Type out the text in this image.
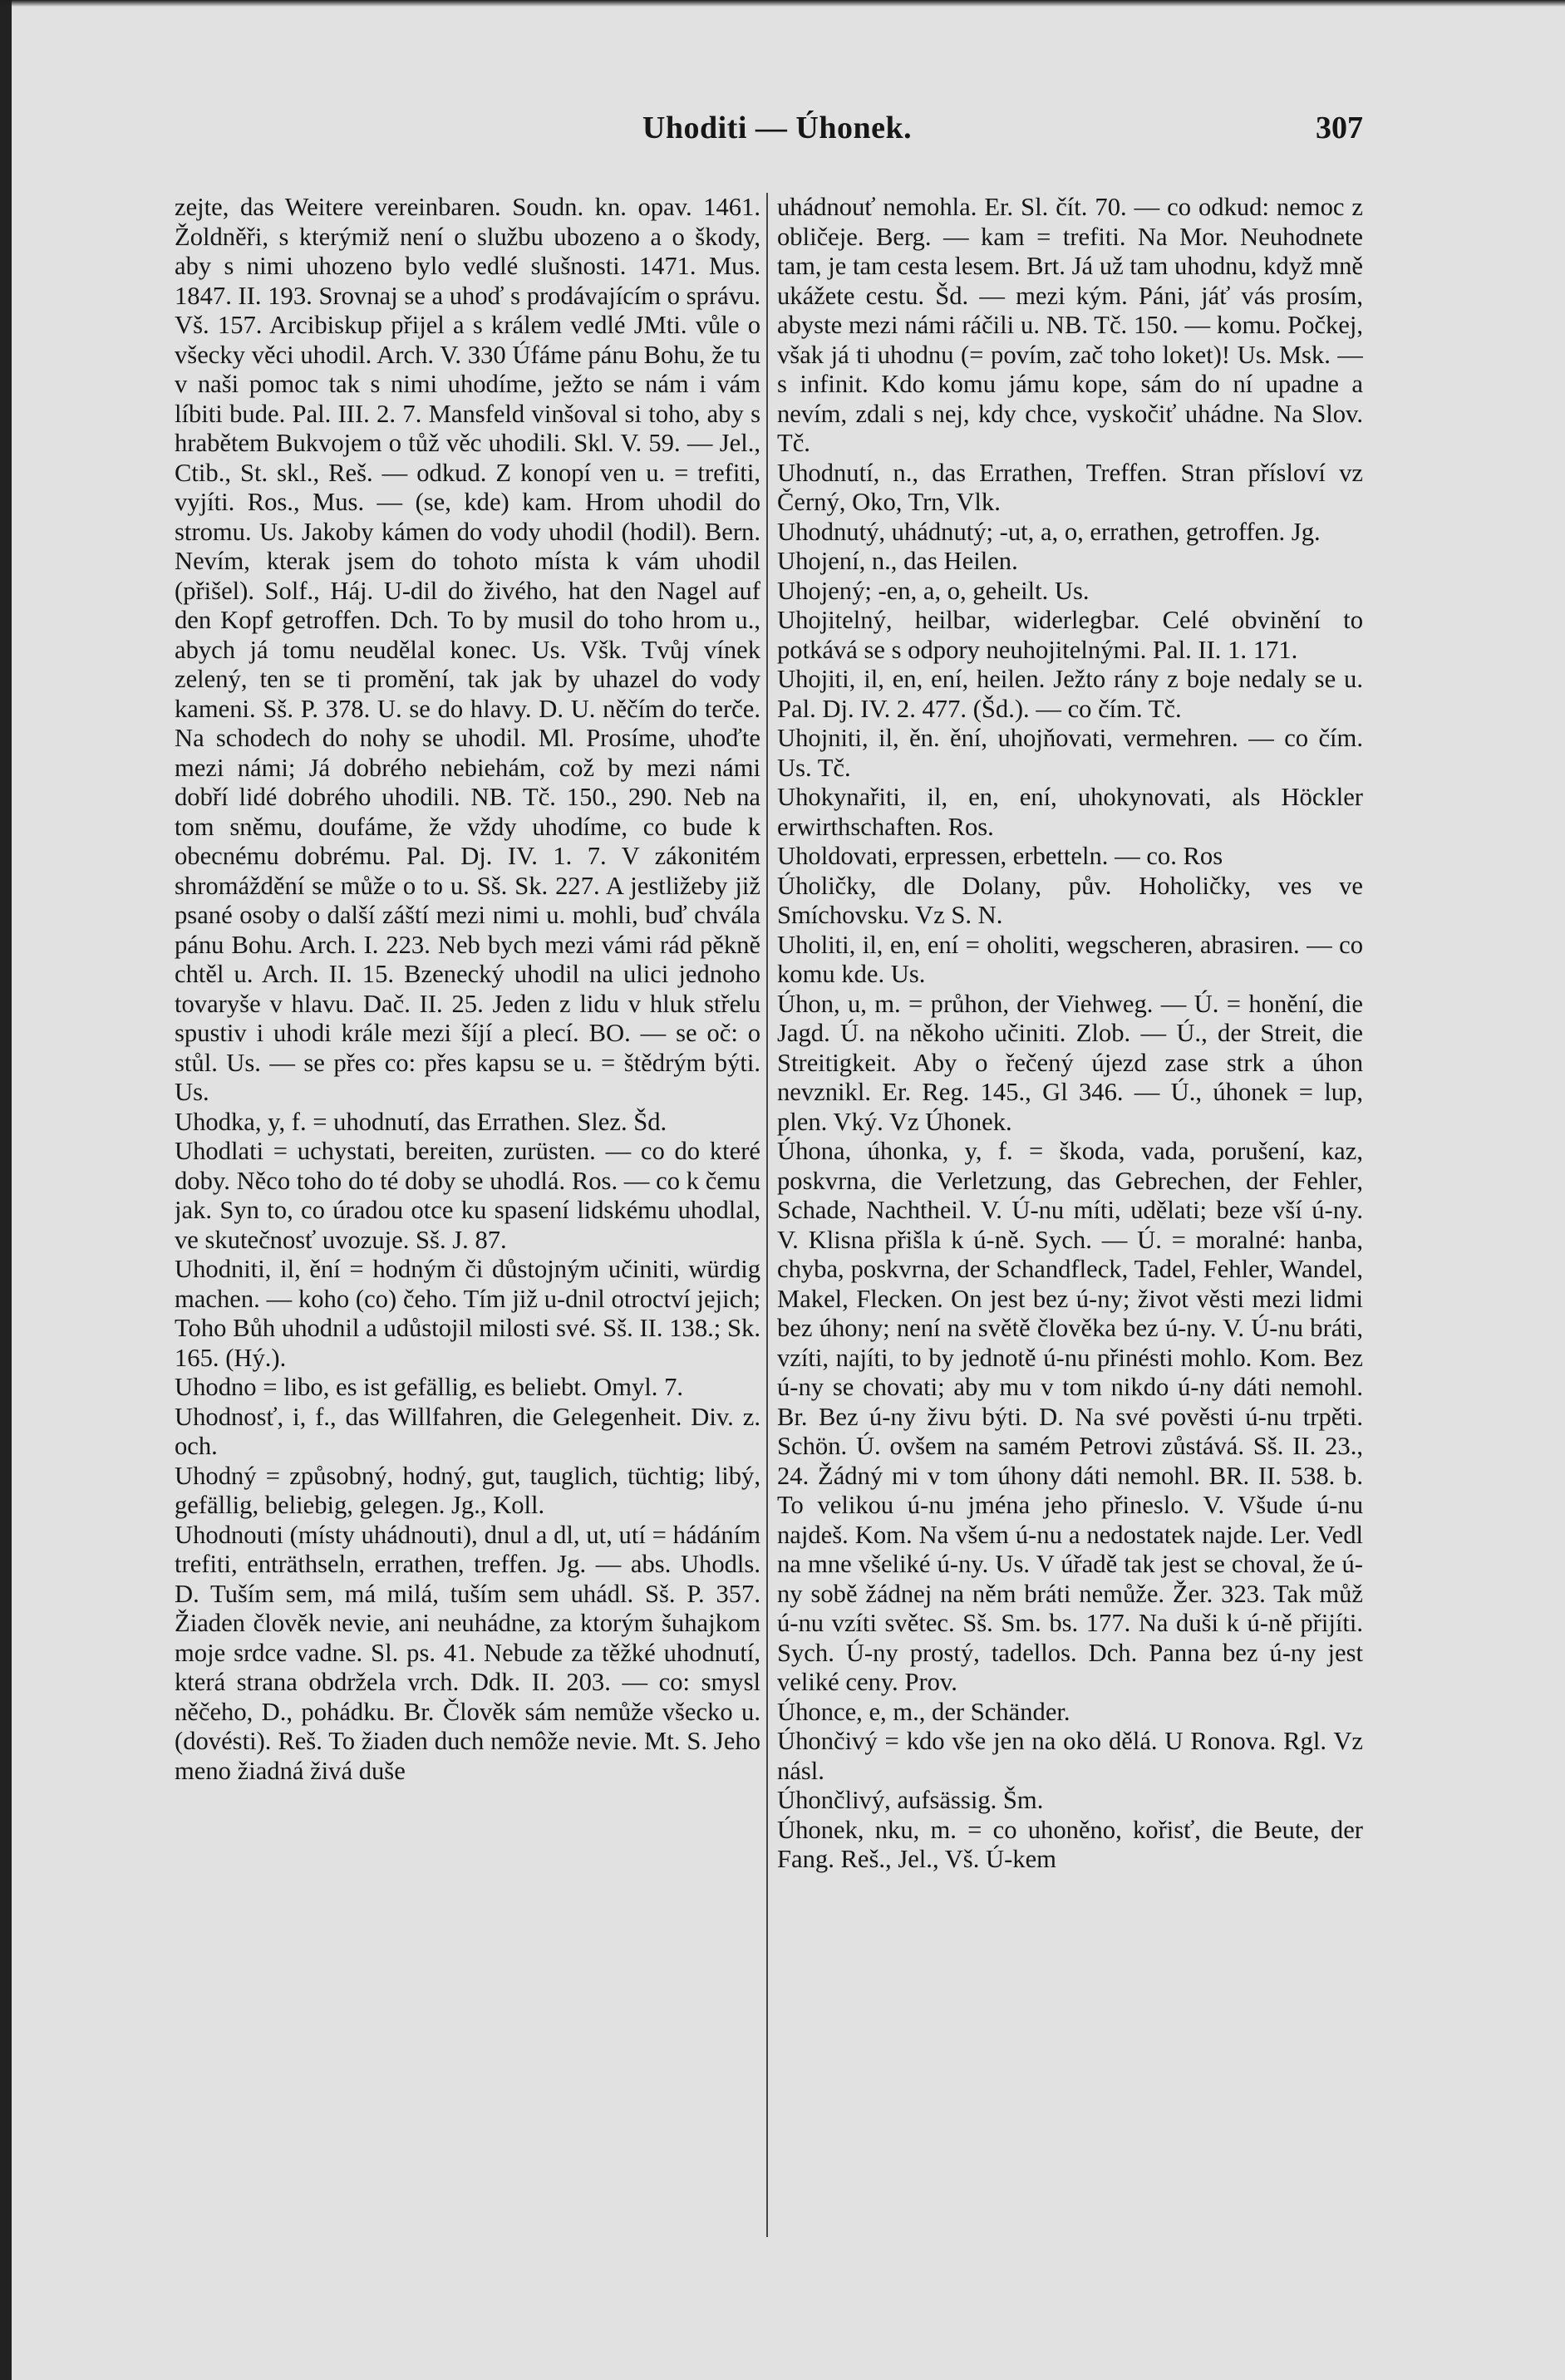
Uhoditi — Úhonek.	307

zejte, das Weitere vereinbaren. Soudn. kn. opav. 1461. Žoldněři, s kterýmiž není o službu ubozeno a o škody, aby s nimi uhozeno bylo vedlé slušnosti. 1471. Mus. 1847. II. 193. Srovnaj se a uhoď s prodávajícím o správu. Vš. 157. Arcibiskup přijel a s králem vedlé JMti. vůle o všecky věci uhodil. Arch. V. 330 Úfáme pánu Bohu, že tu v naši pomoc tak s nimi uhodíme, ježto se nám i vám líbiti bude. Pal. III. 2. 7. Mansfeld vinšoval si toho, aby s hrabětem Bukvojem o tůž věc uhodili. Skl. V. 59. — Jel., Ctib., St. skl., Reš. — odkud. Z konopí ven u. = trefiti, vyjíti. Ros., Mus. — (se, kde) kam. Hrom uhodil do stromu. Us. Jakoby kámen do vody uhodil (hodil). Bern. Nevím, kterak jsem do tohoto místa k vám uhodil (přišel). Solf., Háj. U-dil do živého, hat den Nagel auf den Kopf getroffen. Dch. To by musil do toho hrom u., abych já tomu neudělal konec. Us. Všk. Tvůj vínek zelený, ten se ti promění, tak jak by uhazel do vody kameni. Sš. P. 378. U. se do hlavy. D. U. něčím do terče. Na schodech do nohy se uhodil. Ml. Prosíme, uhoďte mezi námi; Já dobrého nebiehám, což by mezi námi dobří lidé dobrého uhodili. NB. Tč. 150., 290. Neb na tom sněmu, doufáme, že vždy uhodíme, co bude k obecnému dobrému. Pal. Dj. IV. 1. 7. V zákonitém shromáždění se může o to u. Sš. Sk. 227. A jestližeby již psané osoby o další záští mezi nimi u. mohli, buď chvála pánu Bohu. Arch. I. 223. Neb bych mezi vámi rád pěkně chtěl u. Arch. II. 15. Bzenecký uhodil na ulici jednoho tovaryše v hlavu. Dač. II. 25. Jeden z lidu v hluk střelu spustiv i uhodi krále mezi šíjí a plecí. BO. — se oč: o stůl. Us. — se přes co: přes kapsu se u. = štědrým býti. Us.

Uhodka, y, f. = uhodnutí, das Errathen. Slez. Šd.

Uhodlati = uchystati, bereiten, zurüsten. — co do které doby. Něco toho do té doby se uhodlá. Ros. — co k čemu jak. Syn to, co úradou otce ku spasení lidskému uhodlal, ve skutečnosť uvozuje. Sš. J. 87.

Uhodniti, il, ění = hodným či důstojným učiniti, würdig machen. — koho (co) čeho. Tím již u-dnil otroctví jejich; Toho Bůh uhodnil a udůstojil milosti své. Sš. II. 138.; Sk. 165. (Hý.).

Uhodno = libo, es ist gefällig, es beliebt. Omyl. 7.

Uhodnosť, i, f., das Willfahren, die Gelegenheit. Div. z. och.

Uhodný = způsobný, hodný, gut, tauglich, tüchtig; libý, gefällig, beliebig, gelegen. Jg., Koll.

Uhodnouti (místy uhádnouti), dnul a dl, ut, utí = hádáním trefiti, enträthseln, errathen, treffen. Jg. — abs. Uhodls. D. Tuším sem, má milá, tuším sem uhádl. Sš. P. 357. Žiaden človĕk nevie, ani neuhádne, za ktorým šuhajkom moje srdce vadne. Sl. ps. 41. Nebude za těžké uhodnutí, která strana obdržela vrch. Ddk. II. 203. — co: smysl něčeho, D., pohádku. Br. Člověk sám nemůže všecko u. (dovésti). Reš. To žiaden duch nemôže nevie. Mt. S. Jeho meno žiadná živá duše

uhádnouť nemohla. Er. Sl. čít. 70. — co odkud: nemoc z obličeje. Berg. — kam = trefiti. Na Mor. Neuhodnete tam, je tam cesta lesem. Brt. Já už tam uhodnu, když mně ukážete cestu. Šd. — mezi kým. Páni, jáť vás prosím, abyste mezi námi ráčili u. NB. Tč. 150. — komu. Počkej, však já ti uhodnu (= povím, zač toho loket)! Us. Msk. — s infinit. Kdo komu jámu kope, sám do ní upadne a nevím, zdali s nej, kdy chce, vyskočiť uhádne. Na Slov. Tč.

Uhodnutí, n., das Errathen, Treffen. Stran přísloví vz Černý, Oko, Trn, Vlk.

Uhodnutý, uhádnutý; -ut, a, o, errathen, getroffen. Jg.

Uhojení, n., das Heilen.

Uhojený; -en, a, o, geheilt. Us.

Uhojitelný, heilbar, widerlegbar. Celé obvinění to potkává se s odpory neuhojitelnými. Pal. II. 1. 171.

Uhojiti, il, en, ení, heilen. Ježto rány z boje nedaly se u. Pal. Dj. IV. 2. 477. (Šd.). — co čím. Tč.

Uhojniti, il, ěn. ění, uhojňovati, vermehren. — co čím. Us. Tč.

Uhokynařiti, il, en, ení, uhokynovati, als Höckler erwirthschaften. Ros.

Uholdovati, erpressen, erbetteln. — co. Ros

Úholičky, dle Dolany, pův. Hoholičky, ves ve Smíchovsku. Vz S. N.

Uholiti, il, en, ení = oholiti, wegscheren, abrasiren. — co komu kde. Us.

Úhon, u, m. = průhon, der Viehweg. — Ú. = honění, die Jagd. Ú. na někoho učiniti. Zlob. — Ú., der Streit, die Streitigkeit. Aby o řečený újezd zase strk a úhon nevznikl. Er. Reg. 145., Gl 346. — Ú., úhonek = lup, plen. Vký. Vz Úhonek.

Úhona, úhonka, y, f. = škoda, vada, porušení, kaz, poskvrna, die Verletzung, das Gebrechen, der Fehler, Schade, Nachtheil. V. Ú-nu míti, udělati; beze vší ú-ny. V. Klisna přišla k ú-ně. Sych. — Ú. = moralné: hanba, chyba, poskvrna, der Schandfleck, Tadel, Fehler, Wandel, Makel, Flecken. On jest bez ú-ny; život věsti mezi lidmi bez úhony; není na světě člověka bez ú-ny. V. Ú-nu bráti, vzíti, najíti, to by jednotě ú-nu přinésti mohlo. Kom. Bez ú-ny se chovati; aby mu v tom nikdo ú-ny dáti nemohl. Br. Bez ú-ny živu býti. D. Na své pověsti ú-nu trpěti. Schön. Ú. ovšem na samém Petrovi zůstává. Sš. II. 23., 24. Žádný mi v tom úhony dáti nemohl. BR. II. 538. b. To velikou ú-nu jména jeho přineslo. V. Všude ú-nu najdeš. Kom. Na všem ú-nu a nedostatek najde. Ler. Vedl na mne všeliké ú-ny. Us. V úřadě tak jest se choval, že ú-ny sobě žádnej na něm bráti nemůže. Žer. 323. Tak můž ú-nu vzíti světec. Sš. Sm. bs. 177. Na duši k ú-ně přijíti. Sych. Ú-ny prostý, tadellos. Dch. Panna bez ú-ny jest veliké ceny. Prov.

Úhonce, e, m., der Schänder.

Úhončivý = kdo vše jen na oko dělá. U Ronova. Rgl. Vz násl.

Úhončlivý, aufsässig. Šm.

Úhonek, nku, m. = co uhoněno, kořisť, die Beute, der Fang. Reš., Jel., Vš. Ú-kem
